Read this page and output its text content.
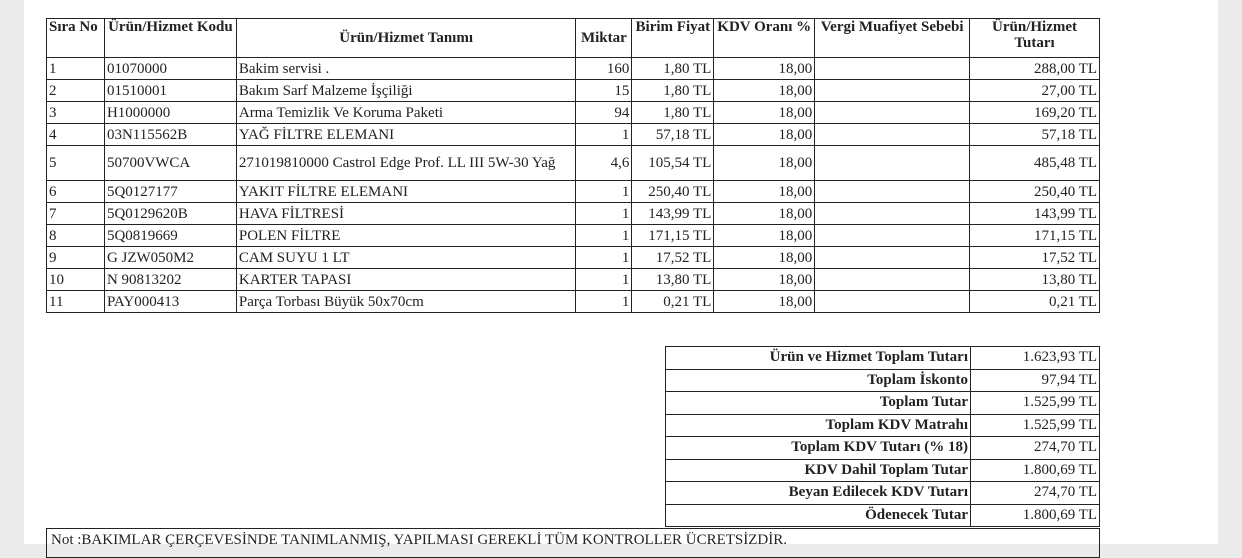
Sıra No	Ürün/Hizmet Kodu	Ürün/Hizmet Tanımı	Miktar	Birim Fiyat	KDV Oranı %	Vergi Muafiyet Sebebi	Ürün/Hizmet Tutarı
1	01070000	Bakim servisi .	160	1,80 TL	18,00		288,00 TL
2	01510001	Bakım Sarf Malzeme İşçiliği	15	1,80 TL	18,00		27,00 TL
3	H1000000	Arma Temizlik Ve Koruma Paketi	94	1,80 TL	18,00		169,20 TL
4	03N115562B	YAĞ FİLTRE ELEMANI	1	57,18 TL	18,00		57,18 TL
5	50700VWCA	271019810000 Castrol Edge Prof. LL III 5W-30 Yağ	4,6	105,54 TL	18,00		485,48 TL
6	5Q0127177	YAKIT FİLTRE ELEMANI	1	250,40 TL	18,00		250,40 TL
7	5Q0129620B	HAVA FİLTRESİ	1	143,99 TL	18,00		143,99 TL
8	5Q0819669	POLEN FİLTRE	1	171,15 TL	18,00		171,15 TL
9	G JZW050M2	CAM SUYU 1 LT	1	17,52 TL	18,00		17,52 TL
10	N 90813202	KARTER TAPASI	1	13,80 TL	18,00		13,80 TL
11	PAY000413	Parça Torbası Büyük 50x70cm	1	0,21 TL	18,00		0,21 TL
Ürün ve Hizmet Toplam Tutarı	1.623,93 TL
Toplam İskonto	97,94 TL
Toplam Tutar	1.525,99 TL
Toplam KDV Matrahı	1.525,99 TL
Toplam KDV Tutarı (% 18)	274,70 TL
KDV Dahil Toplam Tutar	1.800,69 TL
Beyan Edilecek KDV Tutarı	274,70 TL
Ödenecek Tutar	1.800,69 TL
Not :BAKIMLAR ÇERÇEVESİNDE TANIMLANMIŞ, YAPILMASI GEREKLİ TÜM KONTROLLER ÜCRETSİZDİR.
